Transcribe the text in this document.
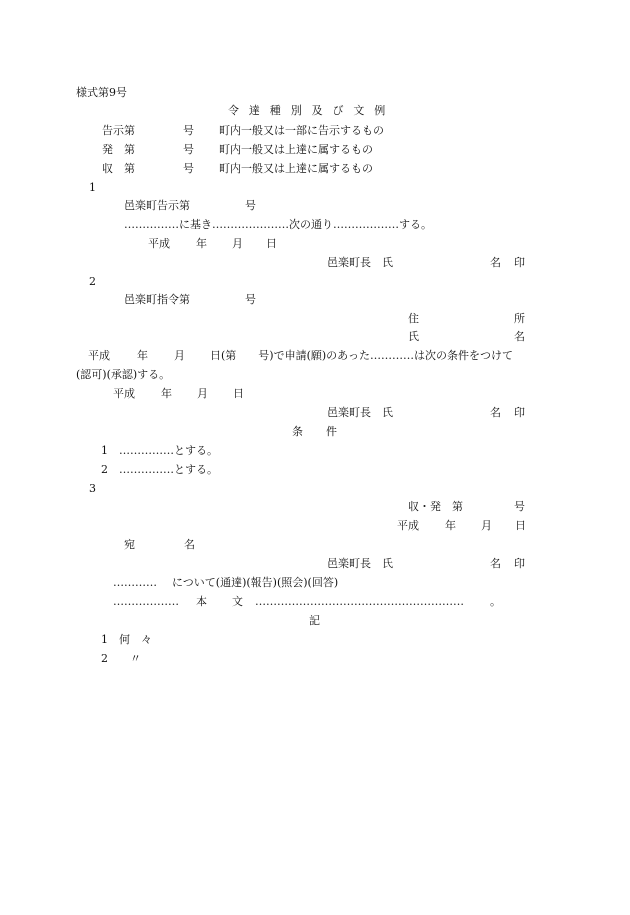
様式第9号
令達種別及び文例
告示第	号 町内一般又は一部に告示するもの
発　第	号 町内一般又は上達に属するもの
収　第	号 町内一般又は上達に属するもの
1
邑楽町告示第	号
……………に基き…………………次の通り………………する。
平成 年 月 日
邑楽町長　氏	名 印
2
邑楽町指令第	号
住	所
氏	名
平成 年 月 日(第　　号)で申請(願)のあった…………は次の条件をつけて
(認可)(承認)する。
平成 年 月 日
邑楽町長　氏	名 印
条 件
1 ……………とする。
2 ……………とする。
3
収・発　第	号
平成 年 月 日
宛	名
邑楽町長　氏	名 印
………… について(通達)(報告)(照会)(回答)
……………… 本 文 ………………………………………………… 。
記
1 何　々
2 〃
